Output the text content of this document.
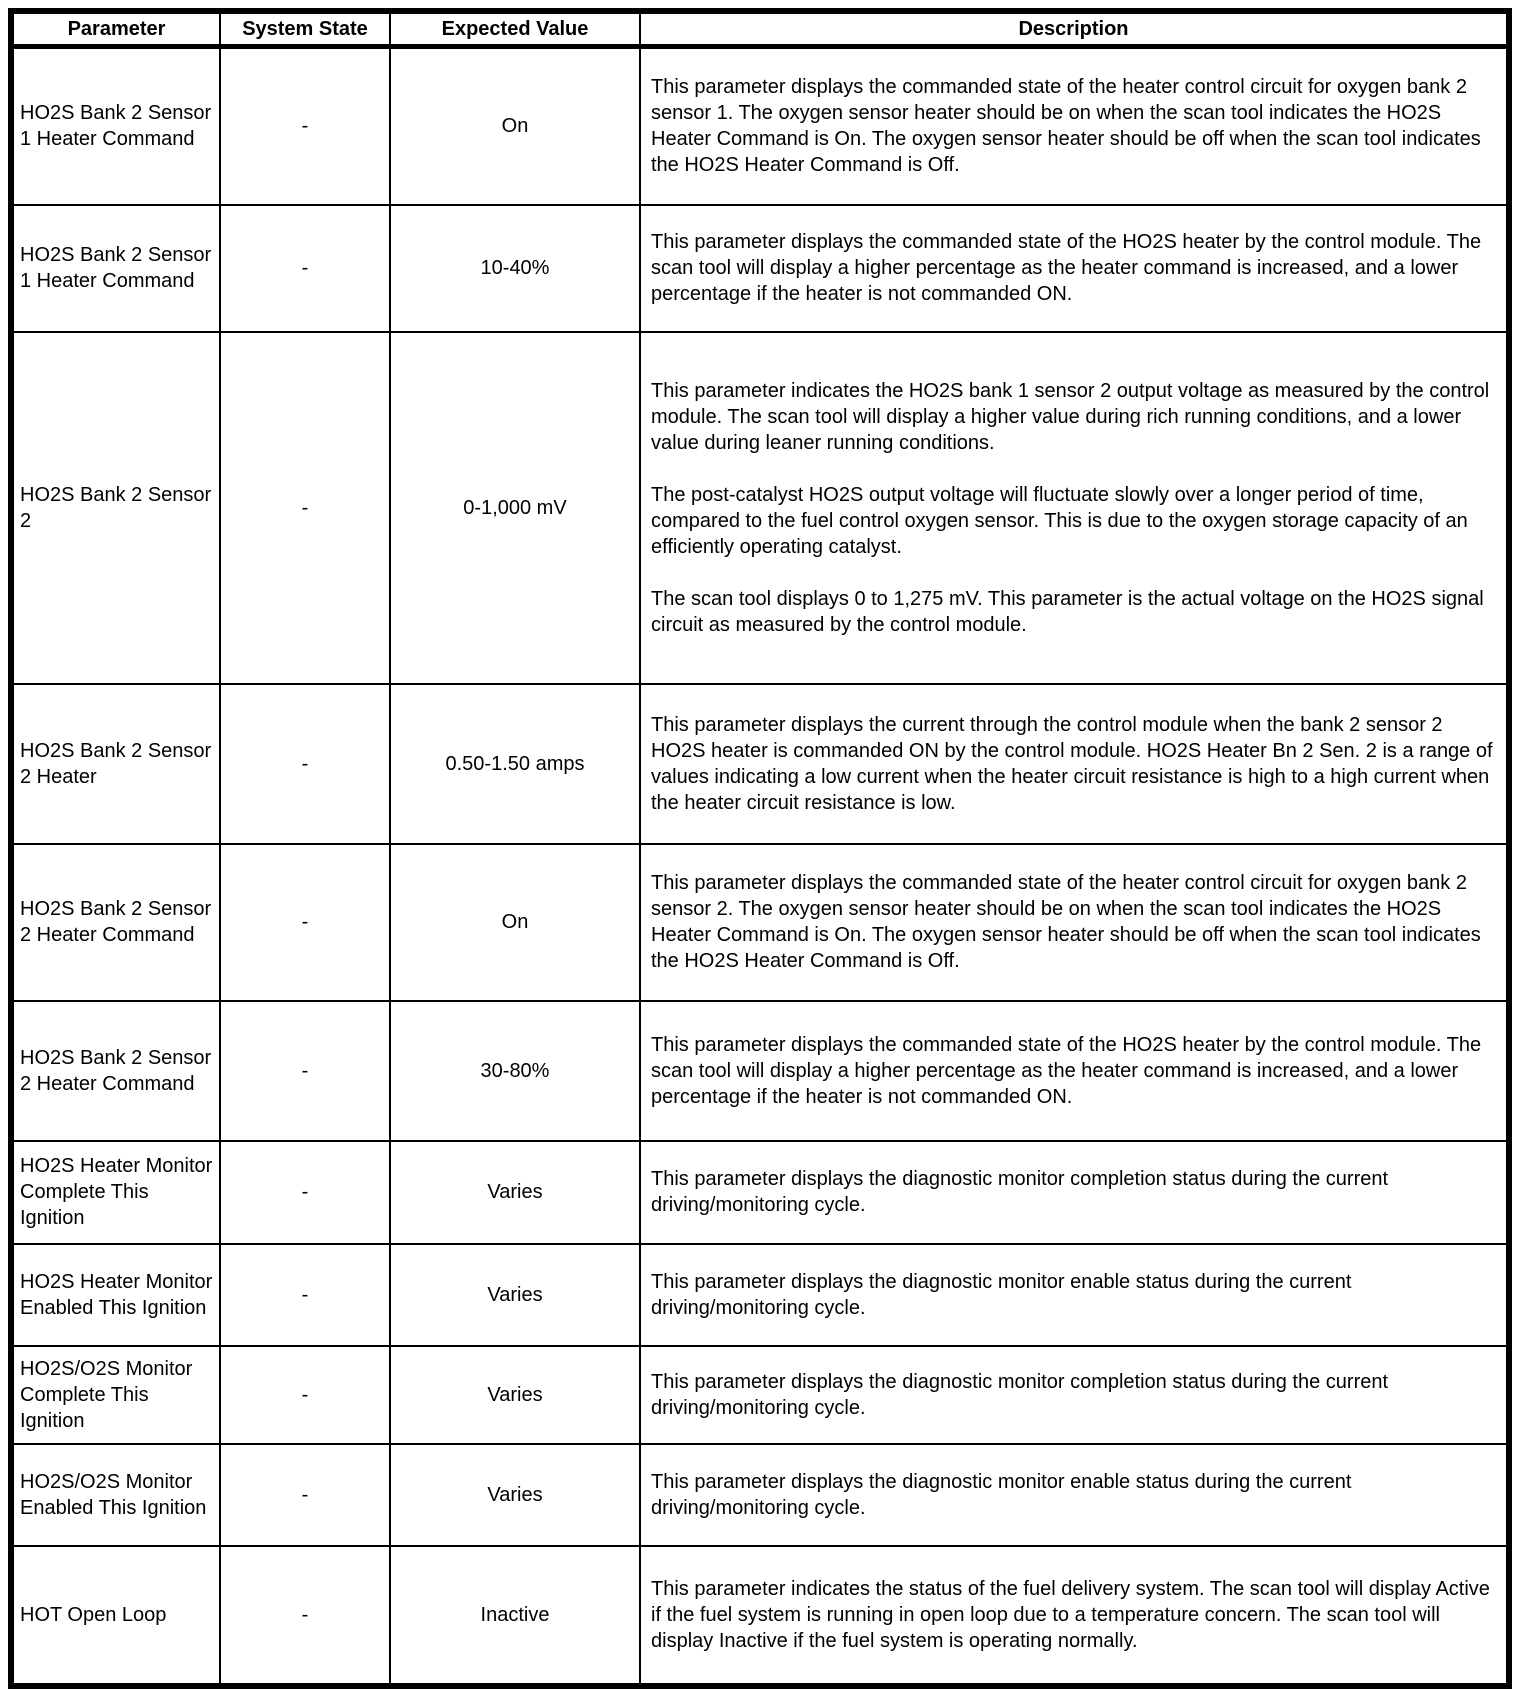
Parameter	System State	Expected Value	Description
HO2S Bank 2 Sensor 1 Heater Command	-	On	This parameter displays the commanded state of the heater control circuit for oxygen bank 2 sensor 1. The oxygen sensor heater should be on when the scan tool indicates the HO2S Heater Command is On. The oxygen sensor heater should be off when the scan tool indicates the HO2S Heater Command is Off.

HO2S Bank 2 Sensor 1 Heater Command	-	10-40%	This parameter displays the commanded state of the HO2S heater by the control module. The scan tool will display a higher percentage as the heater command is increased, and a lower percentage if the heater is not commanded ON.

HO2S Bank 2 Sensor 2	-	0-1,000 mV	This parameter indicates the HO2S bank 1 sensor 2 output voltage as measured by the control module. The scan tool will display a higher value during rich running conditions, and a lower value during leaner running conditions.

The post-catalyst HO2S output voltage will fluctuate slowly over a longer period of time, compared to the fuel control oxygen sensor. This is due to the oxygen storage capacity of an efficiently operating catalyst.

The scan tool displays 0 to 1,275 mV. This parameter is the actual voltage on the HO2S signal circuit as measured by the control module.

HO2S Bank 2 Sensor 2 Heater	-	0.50-1.50 amps	This parameter displays the current through the control module when the bank 2 sensor 2 HO2S heater is commanded ON by the control module. HO2S Heater Bn 2 Sen. 2 is a range of values indicating a low current when the heater circuit resistance is high to a high current when the heater circuit resistance is low.

HO2S Bank 2 Sensor 2 Heater Command	-	On	This parameter displays the commanded state of the heater control circuit for oxygen bank 2 sensor 2. The oxygen sensor heater should be on when the scan tool indicates the HO2S Heater Command is On. The oxygen sensor heater should be off when the scan tool indicates the HO2S Heater Command is Off.

HO2S Bank 2 Sensor 2 Heater Command	-	30-80%	This parameter displays the commanded state of the HO2S heater by the control module. The scan tool will display a higher percentage as the heater command is increased, and a lower percentage if the heater is not commanded ON.

HO2S Heater Monitor Complete This Ignition	-	Varies	This parameter displays the diagnostic monitor completion status during the current driving/monitoring cycle.

HO2S Heater Monitor Enabled This Ignition	-	Varies	This parameter displays the diagnostic monitor enable status during the current driving/monitoring cycle.

HO2S/O2S Monitor Complete This Ignition	-	Varies	This parameter displays the diagnostic monitor completion status during the current driving/monitoring cycle.

HO2S/O2S Monitor Enabled This Ignition	-	Varies	This parameter displays the diagnostic monitor enable status during the current driving/monitoring cycle.

HOT Open Loop	-	Inactive	This parameter indicates the status of the fuel delivery system. The scan tool will display Active if the fuel system is running in open loop due to a temperature concern. The scan tool will display Inactive if the fuel system is operating normally.
